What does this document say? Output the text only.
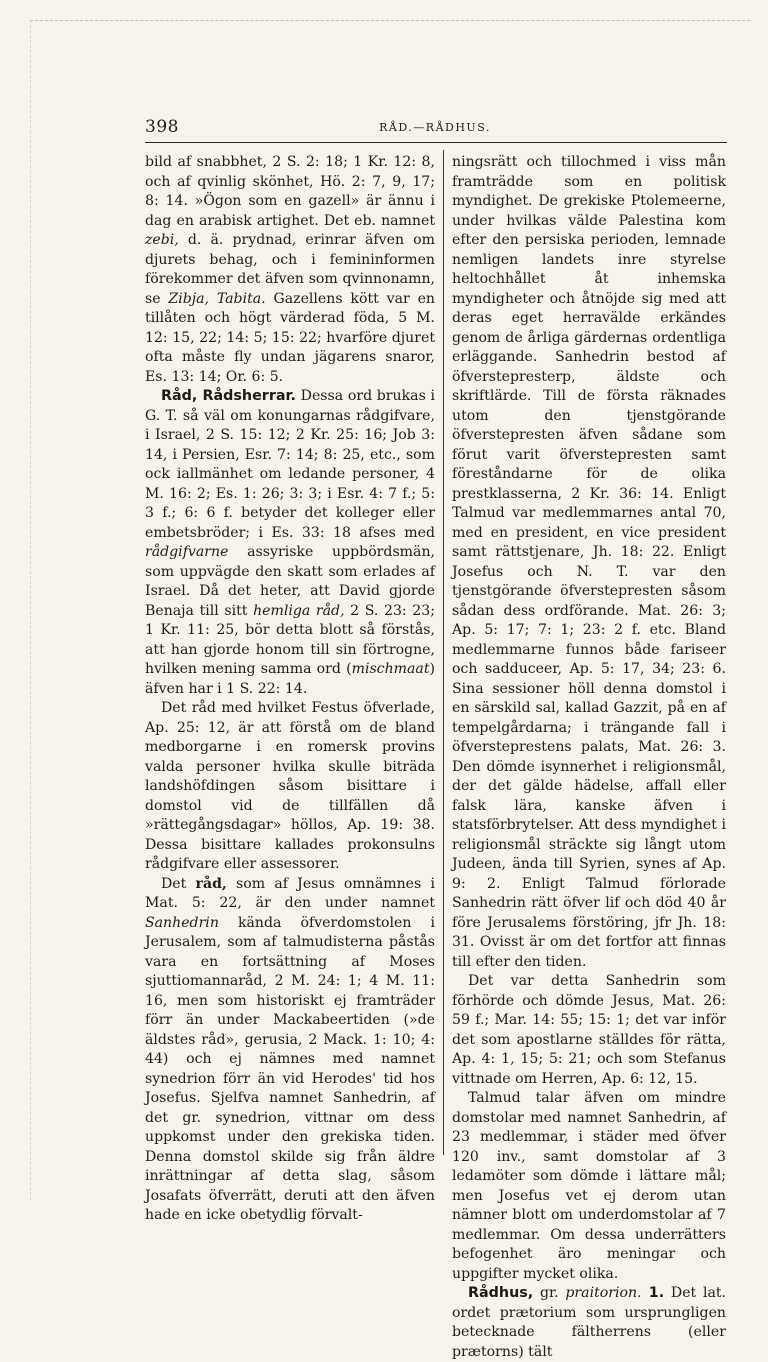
398	RÅD.—RÅDHUS.

bild af snabbhet, 2 S. 2: 18; 1 Kr. 12: 8, och af qvinlig skönhet, Hö. 2: 7, 9, 17; 8: 14. »Ögon som en gazell» är ännu i dag en arabisk artighet. Det eb. namnet zebi, d. ä. prydnad, erinrar äfven om djurets behag, och i femininformen förekommer det äfven som qvinnonamn, se Zibja, Tabita. Gazellens kött var en tillåten och högt värderad föda, 5 M. 12: 15, 22; 14: 5; 15: 22; hvarföre djuret ofta måste fly undan jägarens snaror, Es. 13: 14; Or. 6: 5.

Råd, Rådsherrar. Dessa ord brukas i G. T. så väl om konungarnas rådgifvare, i Israel, 2 S. 15: 12; 2 Kr. 25: 16; Job 3: 14, i Persien, Esr. 7: 14; 8: 25, etc., som ock iallmänhet om ledande personer, 4 M. 16: 2; Es. 1: 26; 3: 3; i Esr. 4: 7 f.; 5: 3 f.; 6: 6 f. betyder det kolleger eller embetsbröder; i Es. 33: 18 afses med rådgifvarne assyriske uppbördsmän, som uppvägde den skatt som erlades af Israel. Då det heter, att David gjorde Benaja till sitt hemliga råd, 2 S. 23: 23; 1 Kr. 11: 25, bör detta blott så förstås, att han gjorde honom till sin förtrogne, hvilken mening samma ord (mischmaat) äfven har i 1 S. 22: 14.

Det råd med hvilket Festus öfverlade, Ap. 25: 12, är att förstå om de bland medborgarne i en romersk provins valda personer hvilka skulle biträda landshöfdingen såsom bisittare i domstol vid de tillfällen då »rättegångsdagar» höllos, Ap. 19: 38. Dessa bisittare kallades prokonsulns rådgifvare eller assessorer.

Det råd, som af Jesus omnämnes i Mat. 5: 22, är den under namnet Sanhedrin kända öfverdomstolen i Jerusalem, som af talmudisterna påstås vara en fortsättning af Moses sjuttiomannaråd, 2 M. 24: 1; 4 M. 11: 16, men som historiskt ej framträder förr än under Mackabeertiden (»de äldstes råd», gerusia, 2 Mack. 1: 10; 4: 44) och ej nämnes med namnet synedrion förr än vid Herodes' tid hos Josefus. Sjelfva namnet Sanhedrin, af det gr. synedrion, vittnar om dess uppkomst under den grekiska tiden. Denna domstol skilde sig från äldre inrättningar af detta slag, såsom Josafats öfverrätt, deruti att den äfven hade en icke obetydlig förvalt-

ningsrätt och tillochmed i viss mån framträdde som en politisk myndighet. De grekiske Ptolemeerne, under hvilkas välde Palestina kom efter den persiska perioden, lemnade nemligen landets inre styrelse heltochhållet åt inhemska myndigheter och åtnöjde sig med att deras eget herravälde erkändes genom de årliga gärdernas ordentliga erläggande. Sanhedrin bestod af öfverstepresterр, äldste och skriftlärde. Till de första räknades utom den tjenstgörande öfverstepresten äfven sådane som förut varit öfverstepresten samt föreståndarne för de olika prestklasserna, 2 Kr. 36: 14. Enligt Talmud var medlemmarnes antal 70, med en president, en vice president samt rättstjenare, Jh. 18: 22. Enligt Josefus och N. T. var den tjenstgörande öfverstepresten såsom sådan dess ordförande. Mat. 26: 3; Ap. 5: 17; 7: 1; 23: 2 f. etc. Bland medlemmarne funnos både fariseer och sadduceer, Ap. 5: 17, 34; 23: 6. Sina sessioner höll denna domstol i en särskild sal, kallad Gazzit, på en af tempelgårdarna; i trängande fall i öfversteprestens palats, Mat. 26: 3. Den dömde isynnerhet i religionsmål, der det gälde hädelse, affall eller falsk lära, kanske äfven i statsförbrytelser. Att dess myndighet i religionsmål sträckte sig långt utom Judeen, ända till Syrien, synes af Ap. 9: 2. Enligt Talmud förlorade Sanhedrin rätt öfver lif och död 40 år före Jerusalems förstöring, jfr Jh. 18: 31. Ovisst är om det fortfor att finnas till efter den tiden.

Det var detta Sanhedrin som förhörde och dömde Jesus, Mat. 26: 59 f.; Mar. 14: 55; 15: 1; det var inför det som apostlarne ställdes för rätta, Ap. 4: 1, 15; 5: 21; och som Stefanus vittnade om Herren, Ap. 6: 12, 15.

Talmud talar äfven om mindre domstolar med namnet Sanhedrin, af 23 medlemmar, i städer med öfver 120 inv., samt domstolar af 3 ledamöter som dömde i lättare mål; men Josefus vet ej derom utan nämner blott om underdomstolar af 7 medlemmar. Om dessa underrätters befogenhet äro meningar och uppgifter mycket olika.

Rådhus, gr. praitorion. 1. Det lat. ordet prætorium som ursprungligen betecknade fältherrens (eller prætorns) tält
